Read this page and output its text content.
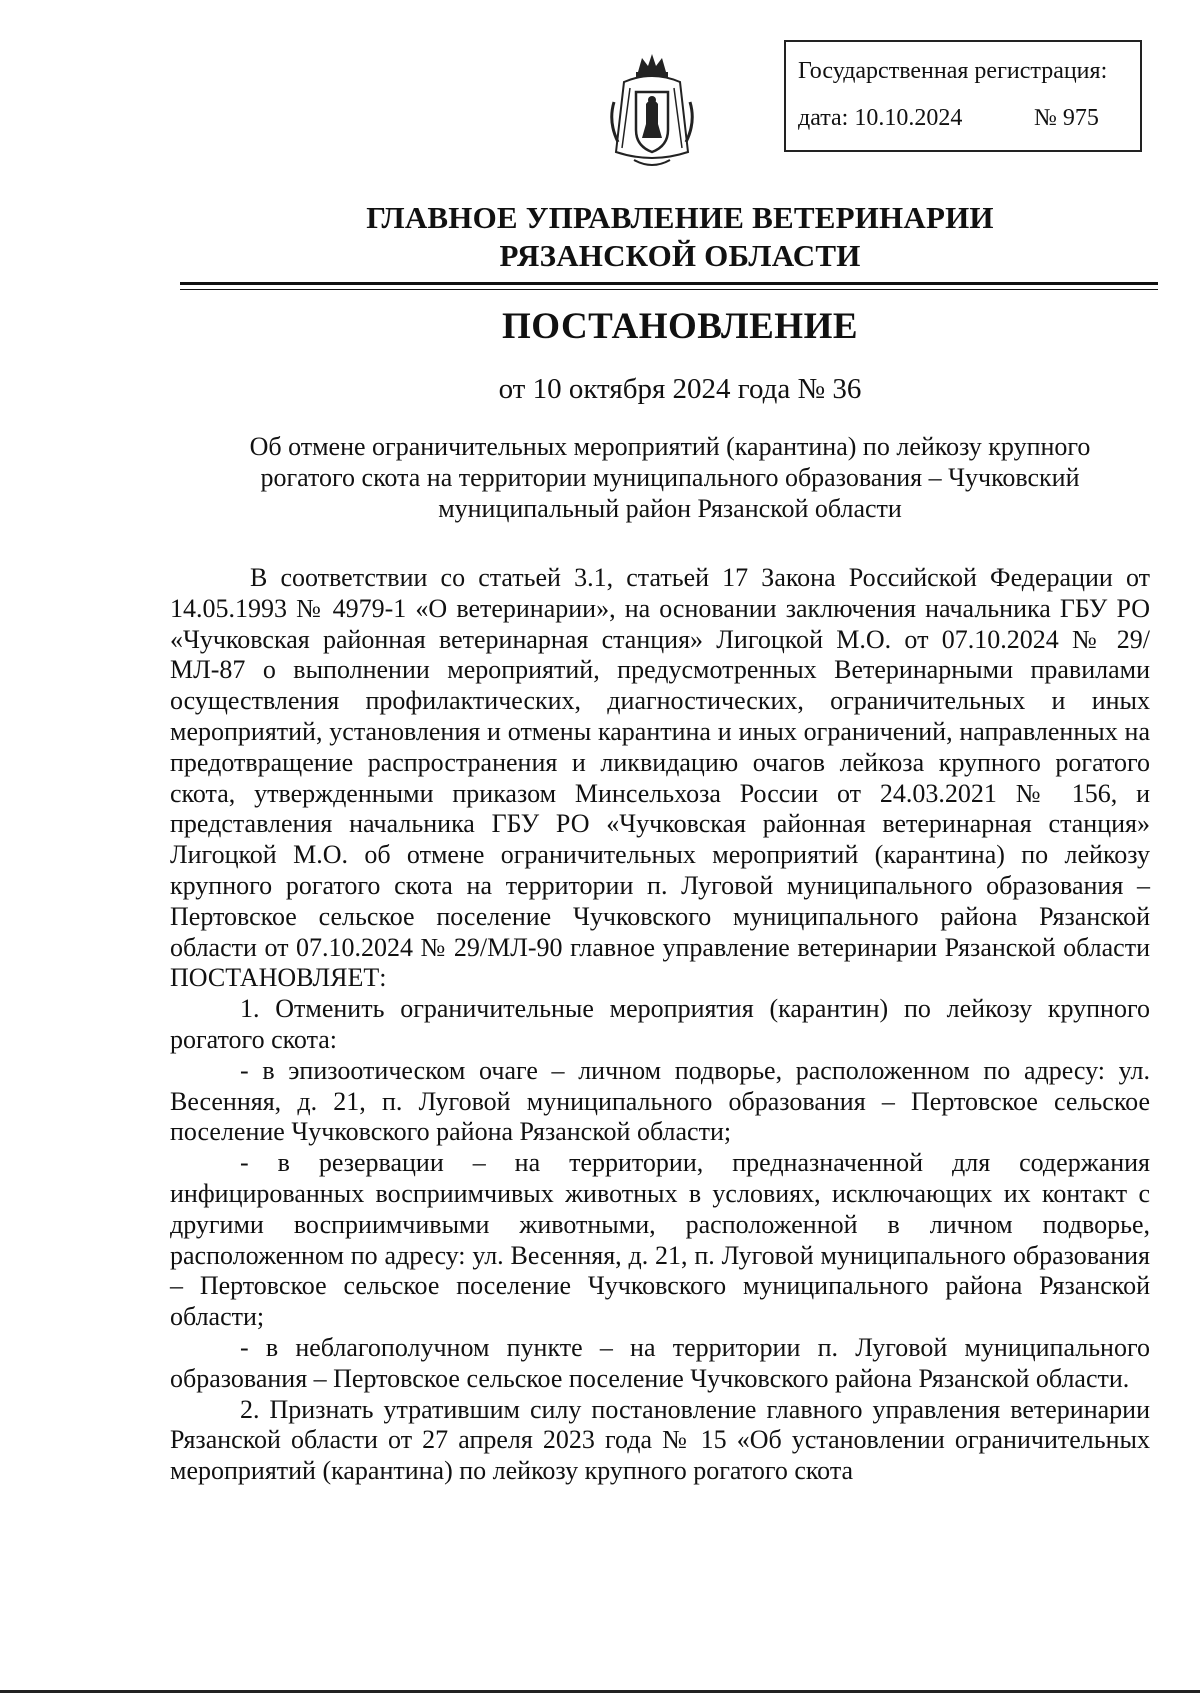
Государственная регистрация:
дата: 10.10.2024	№ 975
ГЛАВНОЕ УПРАВЛЕНИЕ ВЕТЕРИНАРИИ
РЯЗАНСКОЙ ОБЛАСТИ
ПОСТАНОВЛЕНИЕ
от 10 октября 2024 года № 36
Об отмене ограничительных мероприятий (карантина) по лейкозу крупного рогатого скота на территории муниципального образования – Чучковский муниципальный район Рязанской области

В соответствии со статьей 3.1, статьей 17 Закона Российской Федерации от 14.05.1993 № 4979-1 «О ветеринарии», на основании заключения начальника ГБУ РО «Чучковская районная ветеринарная станция» Лигоцкой М.О. от 07.10.2024 № 29/МЛ-87 о выполнении мероприятий, предусмотренных Ветеринарными правилами осуществления профилактических, диагностических, ограничительных и иных мероприятий, установления и отмены карантина и иных ограничений, направленных на предотвращение распространения и ликвидацию очагов лейкоза крупного рогатого скота, утвержденными приказом Минсельхоза России от 24.03.2021 № 156, и представления начальника ГБУ РО «Чучковская районная ветеринарная станция» Лигоцкой М.О. об отмене ограничительных мероприятий (карантина) по лейкозу крупного рогатого скота на территории п. Луговой муниципального образования – Пертовское сельское поселение Чучковского муниципального района Рязанской области от 07.10.2024 № 29/МЛ-90 главное управление ветеринарии Рязанской области ПОСТАНОВЛЯЕТ:

1. Отменить ограничительные мероприятия (карантин) по лейкозу крупного рогатого скота:

- в эпизоотическом очаге – личном подворье, расположенном по адресу: ул. Весенняя, д. 21, п. Луговой муниципального образования – Пертовское сельское поселение Чучковского района Рязанской области;

- в резервации – на территории, предназначенной для содержания инфицированных восприимчивых животных в условиях, исключающих их контакт с другими восприимчивыми животными, расположенной в личном подворье, расположенном по адресу: ул. Весенняя, д. 21, п. Луговой муниципального образования – Пертовское сельское поселение Чучковского муниципального района Рязанской области;

- в неблагополучном пункте – на территории п. Луговой муниципального образования – Пертовское сельское поселение Чучковского района Рязанской области.

2. Признать утратившим силу постановление главного управления ветеринарии Рязанской области от 27 апреля 2023 года № 15 «Об установлении ограничительных мероприятий (карантина) по лейкозу крупного рогатого скота
